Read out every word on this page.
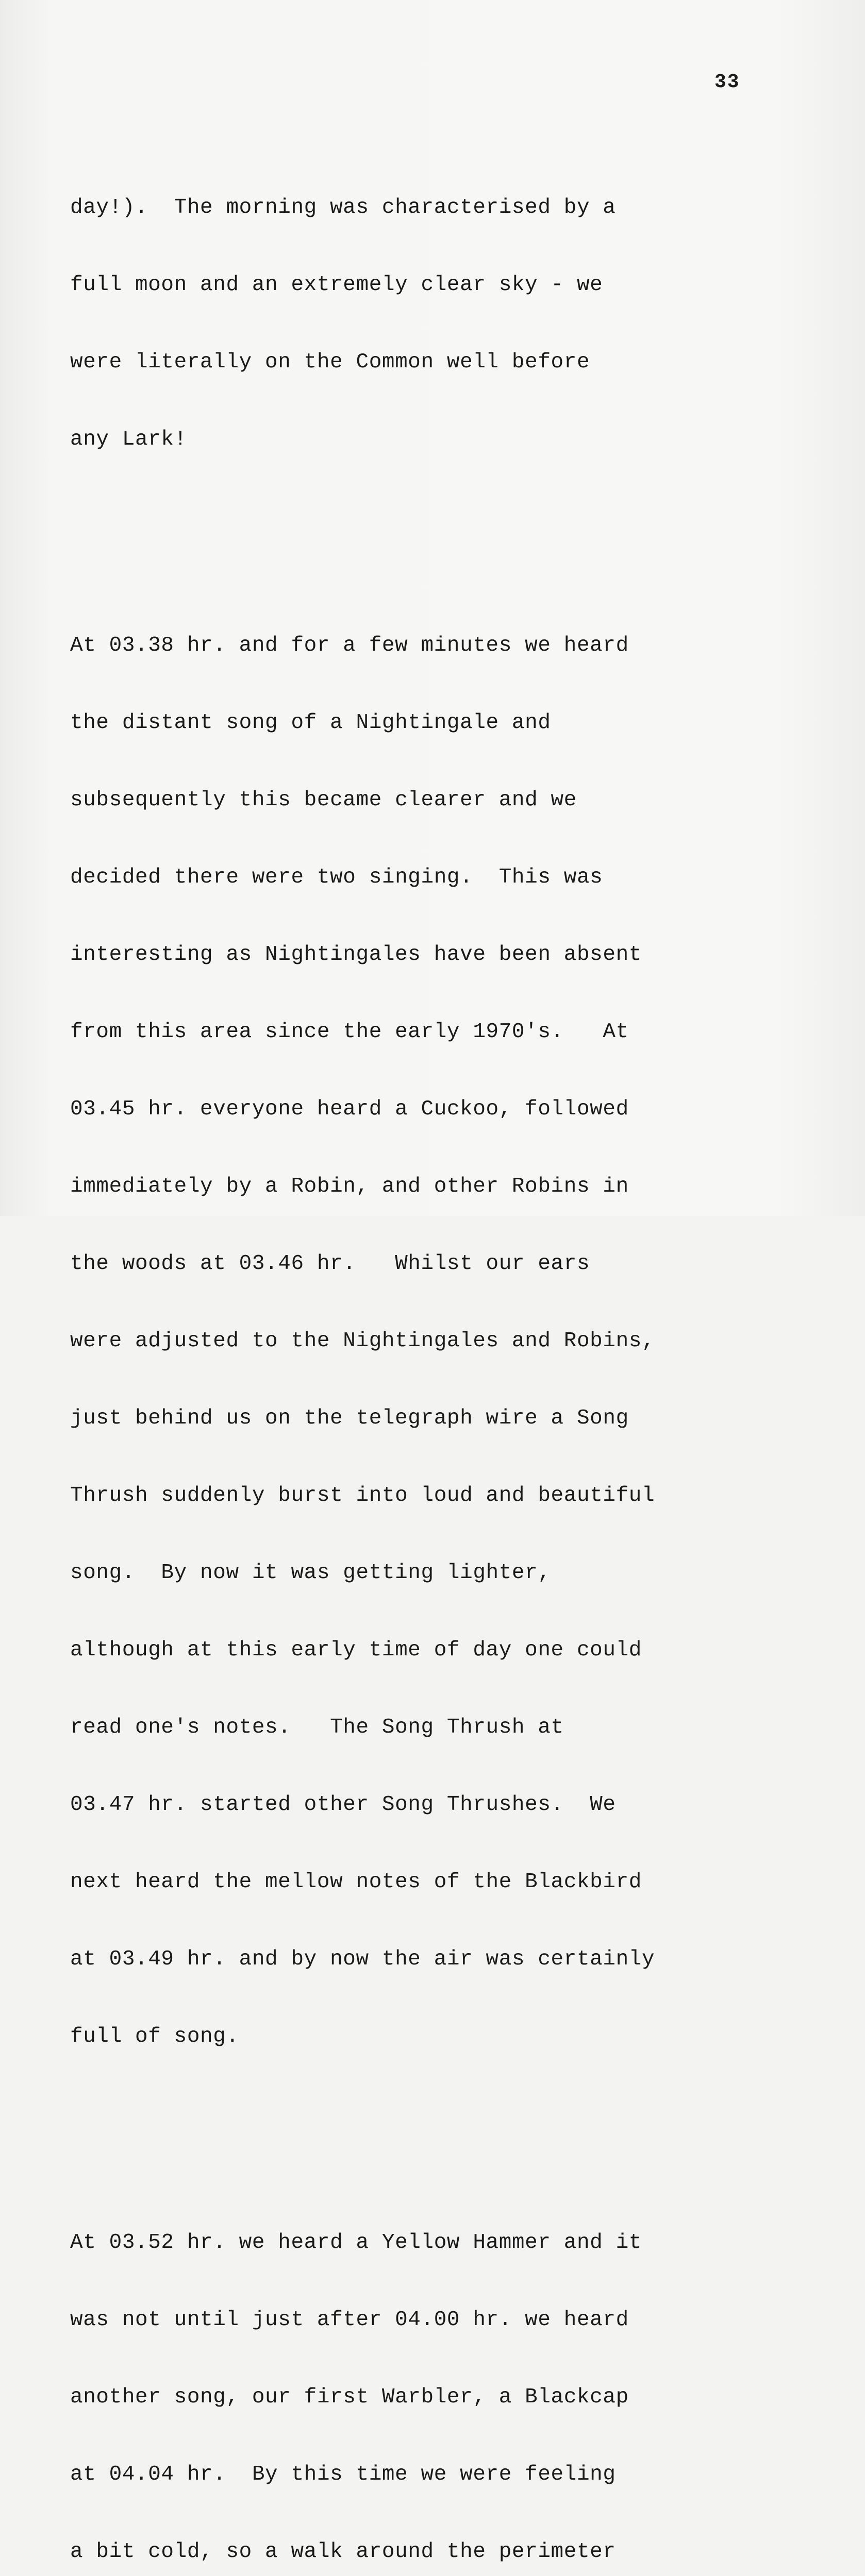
33

day!).  The morning was characterised by a

full moon and an extremely clear sky - we

were literally on the Common well before

any Lark!

At 03.38 hr. and for a few minutes we heard

the distant song of a Nightingale and

subsequently this became clearer and we

decided there were two singing.  This was

interesting as Nightingales have been absent

from this area since the early 1970's.   At

03.45 hr. everyone heard a Cuckoo, followed

immediately by a Robin, and other Robins in

the woods at 03.46 hr.   Whilst our ears

were adjusted to the Nightingales and Robins,

just behind us on the telegraph wire a Song

Thrush suddenly burst into loud and beautiful

song.  By now it was getting lighter,

although at this early time of day one could

read one's notes.   The Song Thrush at

03.47 hr. started other Song Thrushes.  We

next heard the mellow notes of the Blackbird

at 03.49 hr. and by now the air was certainly

full of song.

At 03.52 hr. we heard a Yellow Hammer and it

was not until just after 04.00 hr. we heard

another song, our first Warbler, a Blackcap

at 04.04 hr.  By this time we were feeling

a bit cold, so a walk around the perimeter
